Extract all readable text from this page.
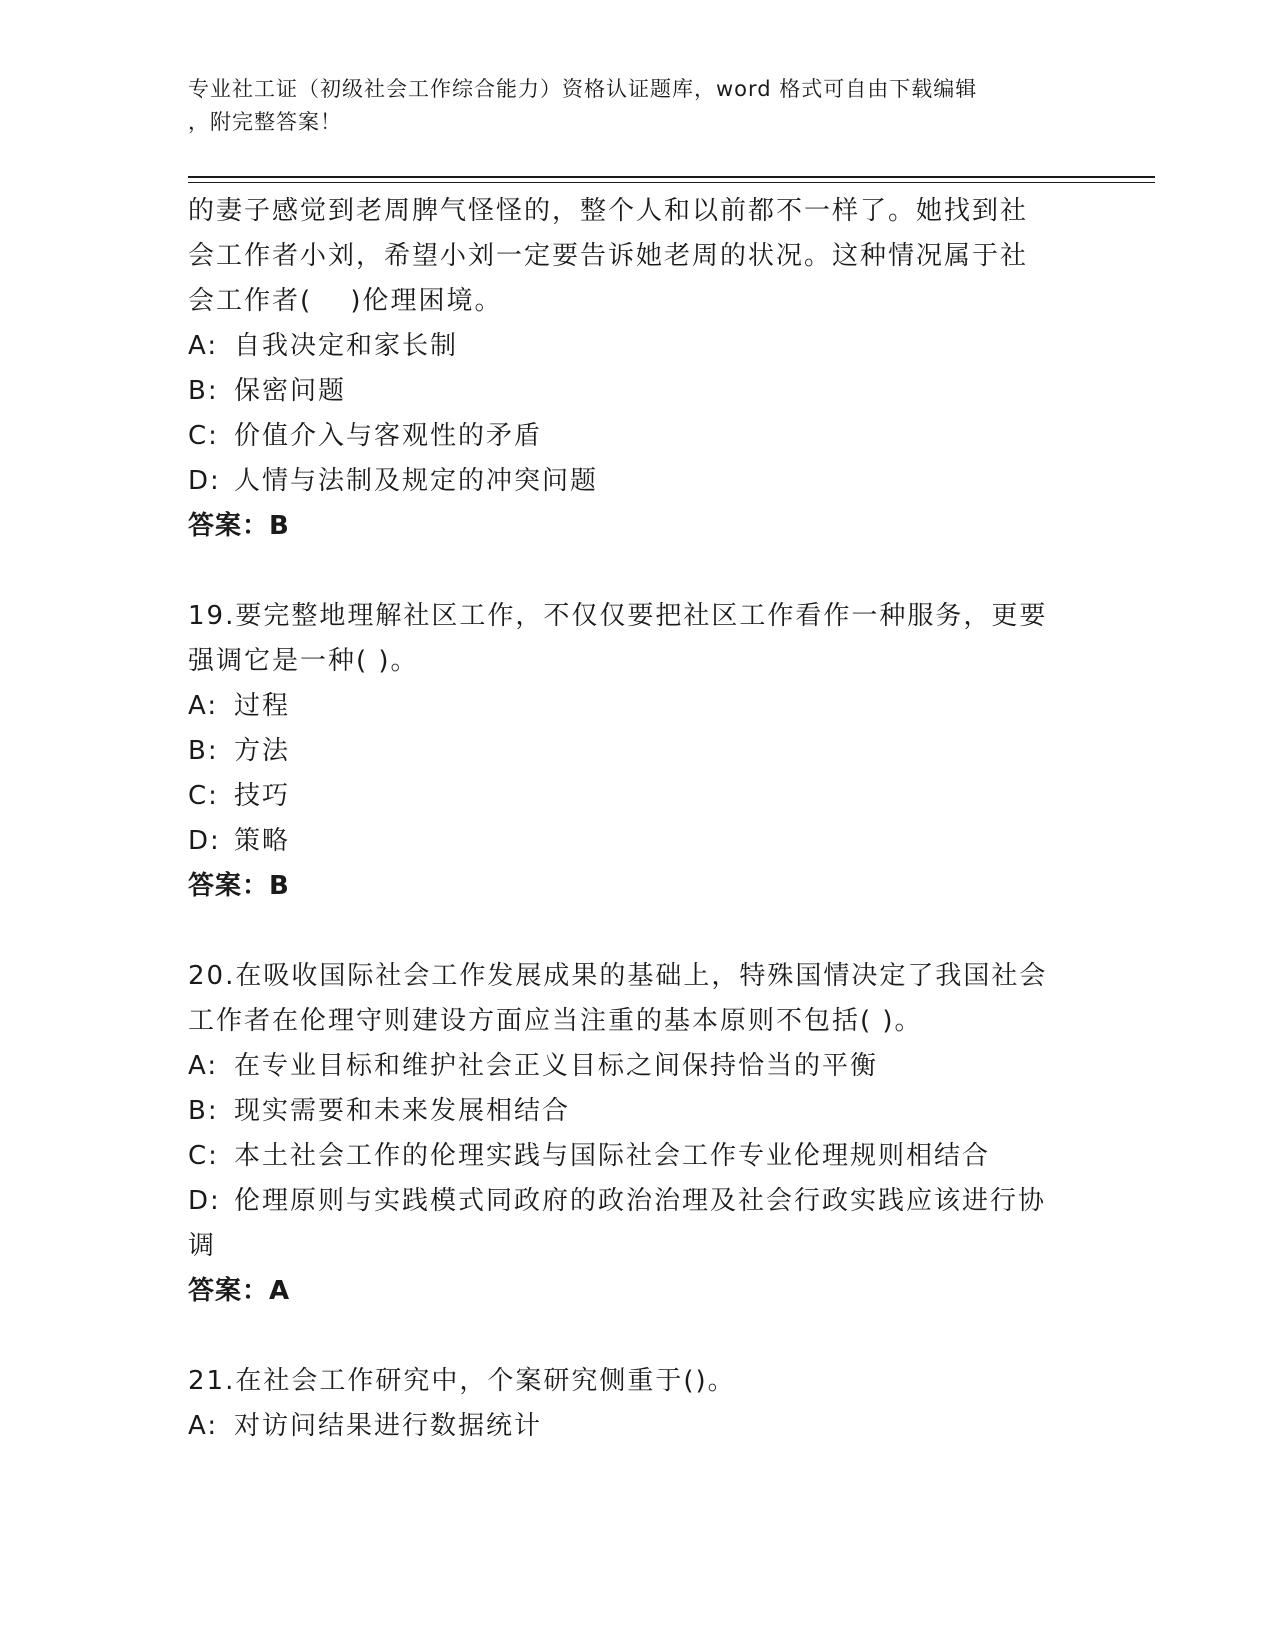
专业社工证（初级社会工作综合能力）资格认证题库，word 格式可自由下载编辑
，附完整答案！
的妻子感觉到老周脾气怪怪的，整个人和以前都不一样了。她找到社
会工作者小刘，希望小刘一定要告诉她老周的状况。这种情况属于社
会工作者(　 )伦理困境。
A: 自我决定和家长制
B: 保密问题
C: 价值介入与客观性的矛盾
D: 人情与法制及规定的冲突问题
答案：B
19.要完整地理解社区工作，不仅仅要把社区工作看作一种服务，更要
强调它是一种( )。
A: 过程
B: 方法
C: 技巧
D: 策略
答案：B
20.在吸收国际社会工作发展成果的基础上，特殊国情决定了我国社会
工作者在伦理守则建设方面应当注重的基本原则不包括( )。
A: 在专业目标和维护社会正义目标之间保持恰当的平衡
B: 现实需要和未来发展相结合
C: 本土社会工作的伦理实践与国际社会工作专业伦理规则相结合
D: 伦理原则与实践模式同政府的政治治理及社会行政实践应该进行协
调
答案：A
21.在社会工作研究中，个案研究侧重于()。
A: 对访问结果进行数据统计
